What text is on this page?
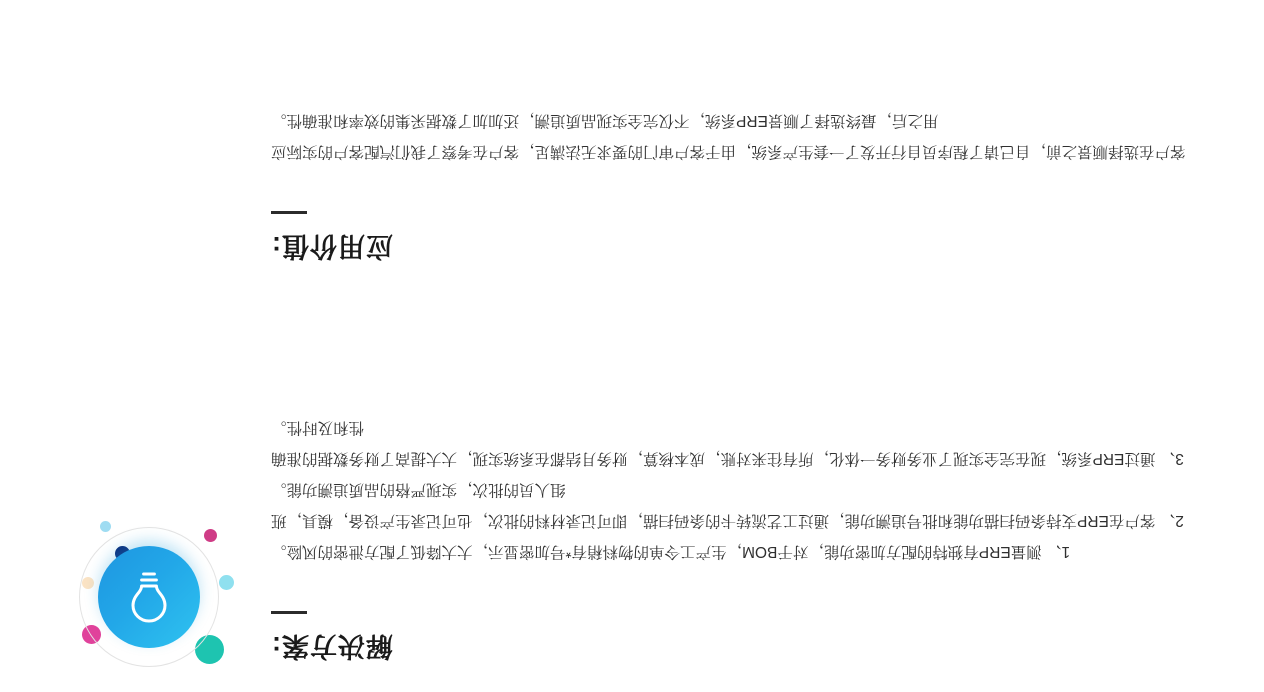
解决方案:

1、 测量ERP有独特的配方加密功能，对于BOM，生产工令单的物料稍有*号加密显示，大大降低了配方泄密的风险。

2、 客户在ERP支持条码扫描功能和批号追溯功能，通过工艺流转卡的条码扫描，即可记录材料的批次，也可记录生产设备，模具，班组人员的批次，实现严格的品质追溯功能。

3、 通过ERP系统，现在完全实现了业务财务一体化，所有往来对账，成本核算，财务月结都在系统实现，大大提高了财务数据的准确性和及时性。

应用价值:

客户在选择顺景之前，自己请了程序员自行开发了一套生产系统，由于客户审门的要求无法满足，客户在考察了我们汽配客户的实际应用之后，最终选择了顺景ERP系统，不仅完全实现品质追溯，还加加了数据采集的效率和准确性。
